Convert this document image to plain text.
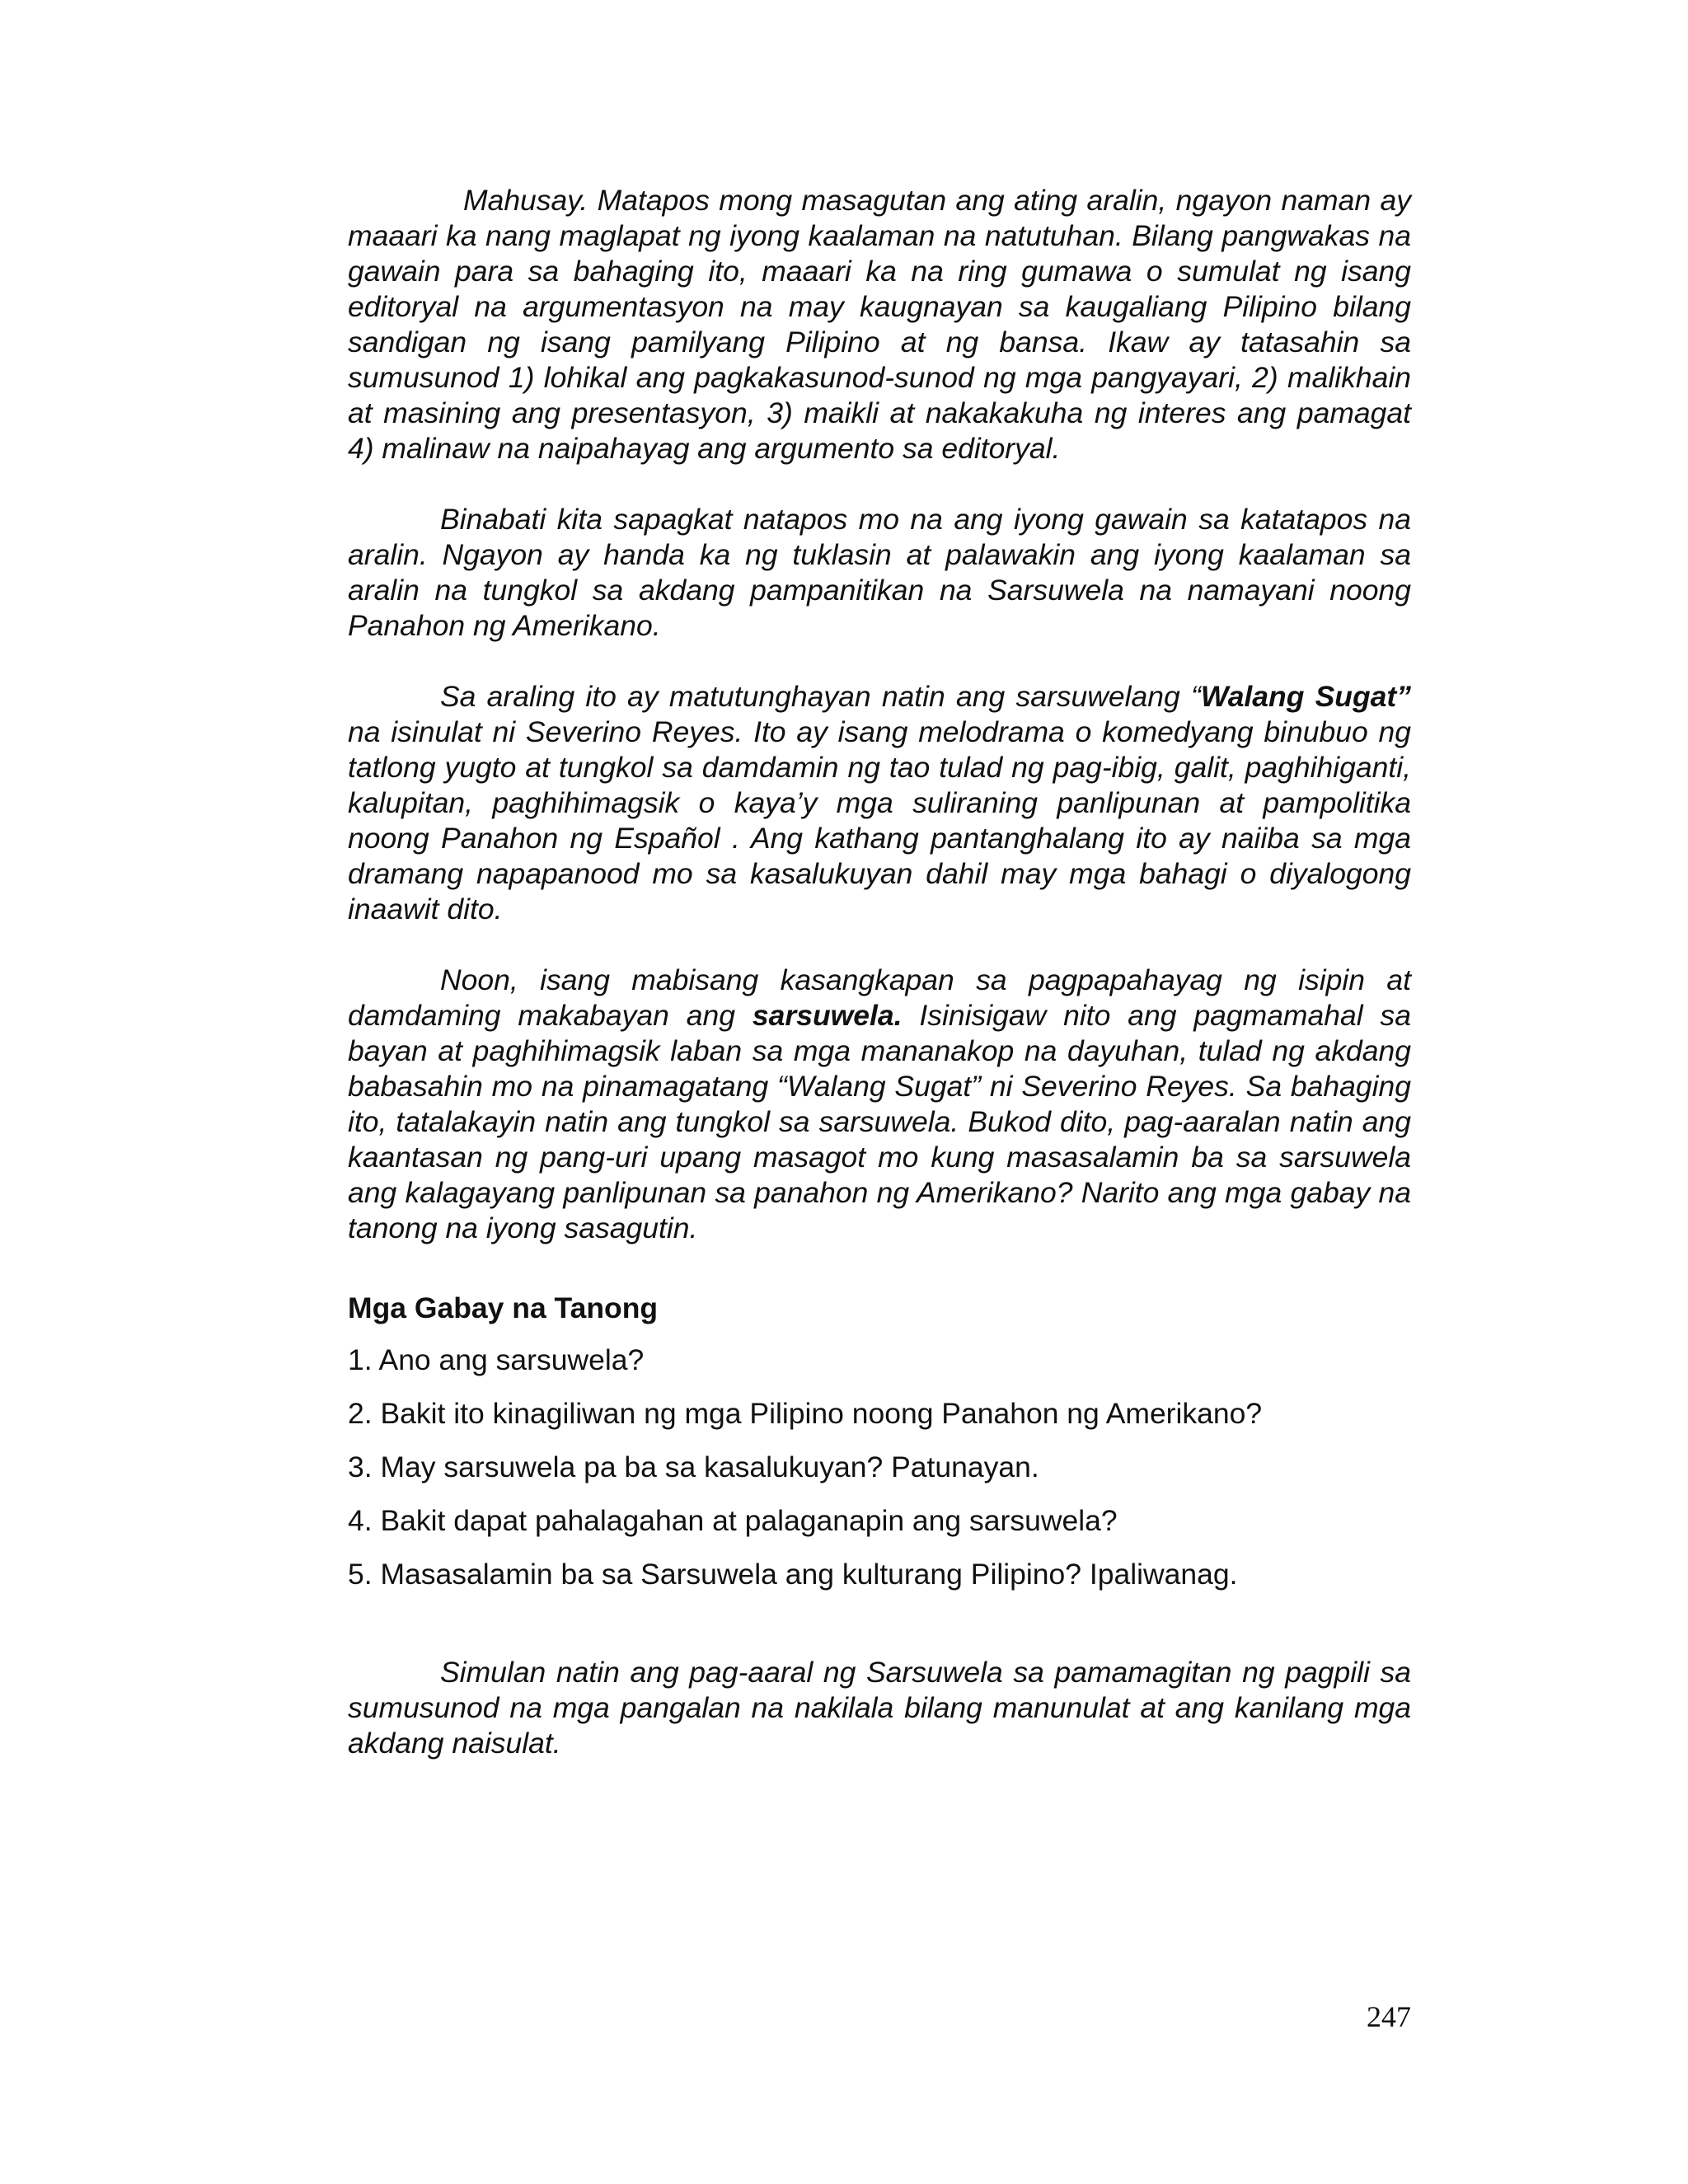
Mahusay. Matapos mong masagutan ang ating aralin, ngayon naman ay maaari ka nang maglapat ng iyong kaalaman na natutuhan. Bilang pangwakas na gawain para sa bahaging ito, maaari ka na ring gumawa o sumulat ng isang editoryal na argumentasyon na may kaugnayan sa kaugaliang Pilipino bilang sandigan ng isang pamilyang Pilipino at ng bansa. Ikaw ay tatasahin sa sumusunod 1) lohikal ang pagkakasunod-sunod ng mga pangyayari, 2) malikhain at masining ang presentasyon, 3) maikli at nakakakuha ng interes ang pamagat 4) malinaw na naipahayag ang argumento sa editoryal.

Binabati kita sapagkat natapos mo na ang iyong gawain sa katatapos na aralin. Ngayon ay handa ka ng tuklasin at palawakin ang iyong kaalaman sa aralin na tungkol sa akdang pampanitikan na Sarsuwela na namayani noong Panahon ng Amerikano.

Sa araling ito ay matutunghayan natin ang sarsuwelang “Walang Sugat” na isinulat ni Severino Reyes. Ito ay isang melodrama o komedyang binubuo ng tatlong yugto at tungkol sa damdamin ng tao tulad ng pag-ibig, galit, paghihiganti, kalupitan, paghihimagsik o kaya’y mga suliraning panlipunan at pampolitika noong Panahon ng Español . Ang kathang pantanghalang ito ay naiiba sa mga dramang napapanood mo sa kasalukuyan dahil may mga bahagi o diyalogong inaawit dito.

Noon, isang mabisang kasangkapan sa pagpapahayag ng isipin at damdaming makabayan ang sarsuwela. Isinisigaw nito ang pagmamahal sa bayan at paghihimagsik laban sa mga mananakop na dayuhan, tulad ng akdang babasahin mo na pinamagatang “Walang Sugat” ni Severino Reyes. Sa bahaging ito, tatalakayin natin ang tungkol sa sarsuwela. Bukod dito, pag-aaralan natin ang kaantasan ng pang-uri upang masagot mo kung masasalamin ba sa sarsuwela ang kalagayang panlipunan sa panahon ng Amerikano? Narito ang mga gabay na tanong na iyong sasagutin.

Mga Gabay na Tanong
1. Ano ang sarsuwela?
2. Bakit ito kinagiliwan ng mga Pilipino noong Panahon ng Amerikano?
3. May sarsuwela pa ba sa kasalukuyan? Patunayan.
4. Bakit dapat pahalagahan at palaganapin ang sarsuwela?
5. Masasalamin ba sa Sarsuwela ang kulturang Pilipino? Ipaliwanag.

Simulan natin ang pag-aaral ng Sarsuwela sa pamamagitan ng pagpili sa sumusunod na mga pangalan na nakilala bilang manunulat at ang kanilang mga akdang naisulat.

247
